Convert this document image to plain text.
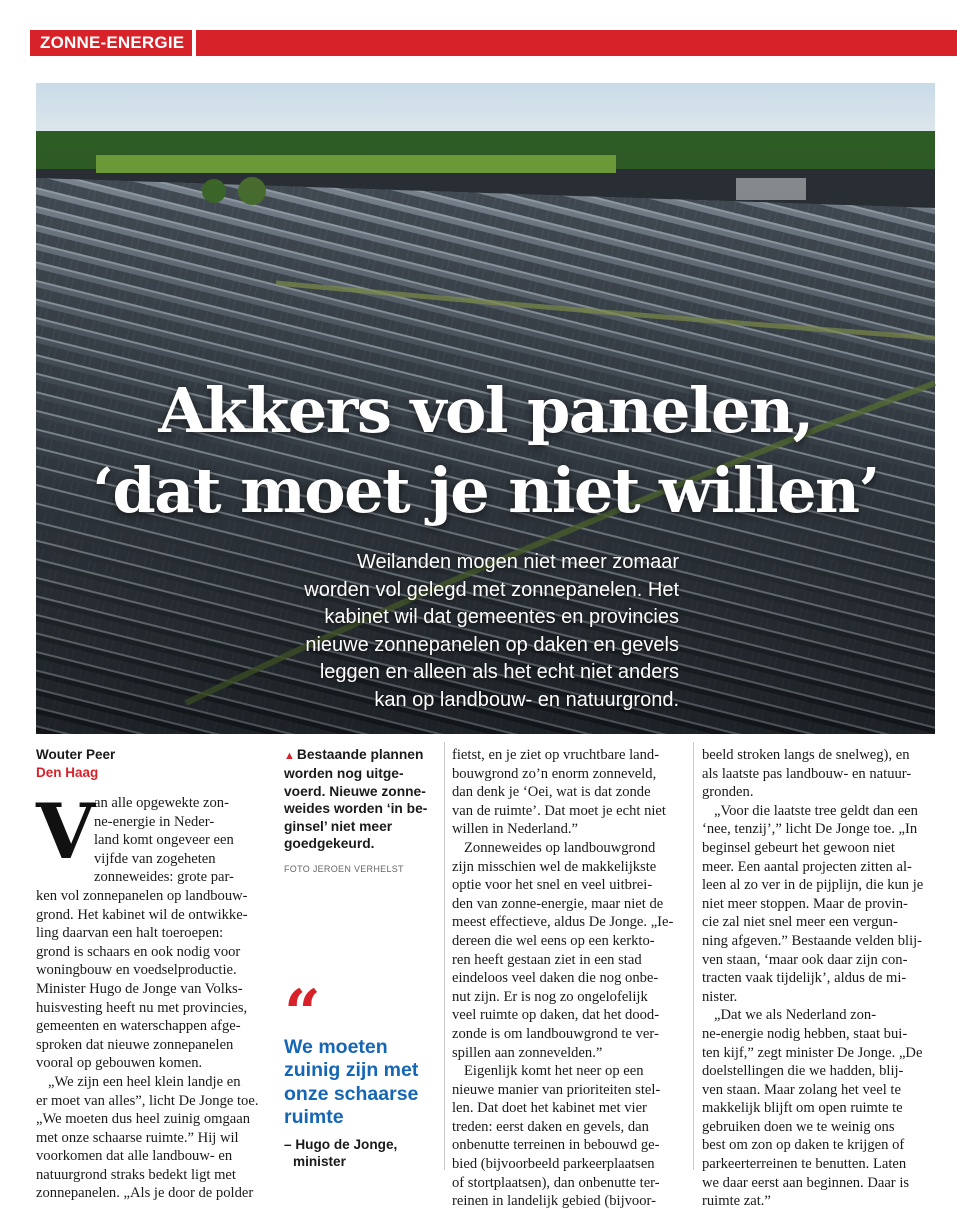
ZONNE-ENERGIE
Akkers vol panelen,
‘dat moet je niet willen’
Weilanden mogen niet meer zomaar
worden vol gelegd met zonnepanelen. Het
kabinet wil dat gemeentes en provincies
nieuwe zonnepanelen op daken en gevels
leggen en alleen als het echt niet anders
kan op landbouw- en natuurgrond.
Wouter Peer
Den Haag
V an alle opgewekte zon-
ne-energie in Neder-
land komt ongeveer een
vijfde van zogeheten
zonneweides: grote par-
ken vol zonnepanelen op landbouw-
grond. Het kabinet wil de ontwikke-
ling daarvan een halt toeroepen:
grond is schaars en ook nodig voor
woningbouw en voedselproductie.
Minister Hugo de Jonge van Volks-
huisvesting heeft nu met provincies,
gemeenten en waterschappen afge-
sproken dat nieuwe zonnepanelen
vooral op gebouwen komen.
„We zijn een heel klein landje en
er moet van alles”, licht De Jonge toe.
„We moeten dus heel zuinig omgaan
met onze schaarse ruimte.” Hij wil
voorkomen dat alle landbouw- en
natuurgrond straks bedekt ligt met
zonnepanelen. „Als je door de polder
▲ Bestaande plannen
worden nog uitge-
voerd. Nieuwe zonne-
weides worden ‘in be-
ginsel’ niet meer
goedgekeurd.
FOTO JEROEN VERHELST
“
We moeten
zuinig zijn met
onze schaarse
ruimte
– Hugo de Jonge,
minister
fietst, en je ziet op vruchtbare land-
bouwgrond zo’n enorm zonneveld,
dan denk je ‘Oei, wat is dat zonde
van de ruimte’. Dat moet je echt niet
willen in Nederland.”
Zonneweides op landbouwgrond
zijn misschien wel de makkelijkste
optie voor het snel en veel uitbrei-
den van zonne-energie, maar niet de
meest effectieve, aldus De Jonge. „Ie-
dereen die wel eens op een kerkto-
ren heeft gestaan ziet in een stad
eindeloos veel daken die nog onbe-
nut zijn. Er is nog zo ongelofelijk
veel ruimte op daken, dat het dood-
zonde is om landbouwgrond te ver-
spillen aan zonnevelden.”
Eigenlijk komt het neer op een
nieuwe manier van prioriteiten stel-
len. Dat doet het kabinet met vier
treden: eerst daken en gevels, dan
onbenutte terreinen in bebouwd ge-
bied (bijvoorbeeld parkeerplaatsen
of stortplaatsen), dan onbenutte ter-
reinen in landelijk gebied (bijvoor-
beeld stroken langs de snelweg), en
als laatste pas landbouw- en natuur-
gronden.
„Voor die laatste tree geldt dan een
‘nee, tenzij’,” licht De Jonge toe. „In
beginsel gebeurt het gewoon niet
meer. Een aantal projecten zitten al-
leen al zo ver in de pijplijn, die kun je
niet meer stoppen. Maar de provin-
cie zal niet snel meer een vergun-
ning afgeven.” Bestaande velden blij-
ven staan, ‘maar ook daar zijn con-
tracten vaak tijdelijk’, aldus de mi-
nister.
„Dat we als Nederland zon-
ne-energie nodig hebben, staat bui-
ten kijf,” zegt minister De Jonge. „De
doelstellingen die we hadden, blij-
ven staan. Maar zolang het veel te
makkelijk blijft om open ruimte te
gebruiken doen we te weinig ons
best om zon op daken te krijgen of
parkeerterreinen te benutten. Laten
we daar eerst aan beginnen. Daar is
ruimte zat.”
